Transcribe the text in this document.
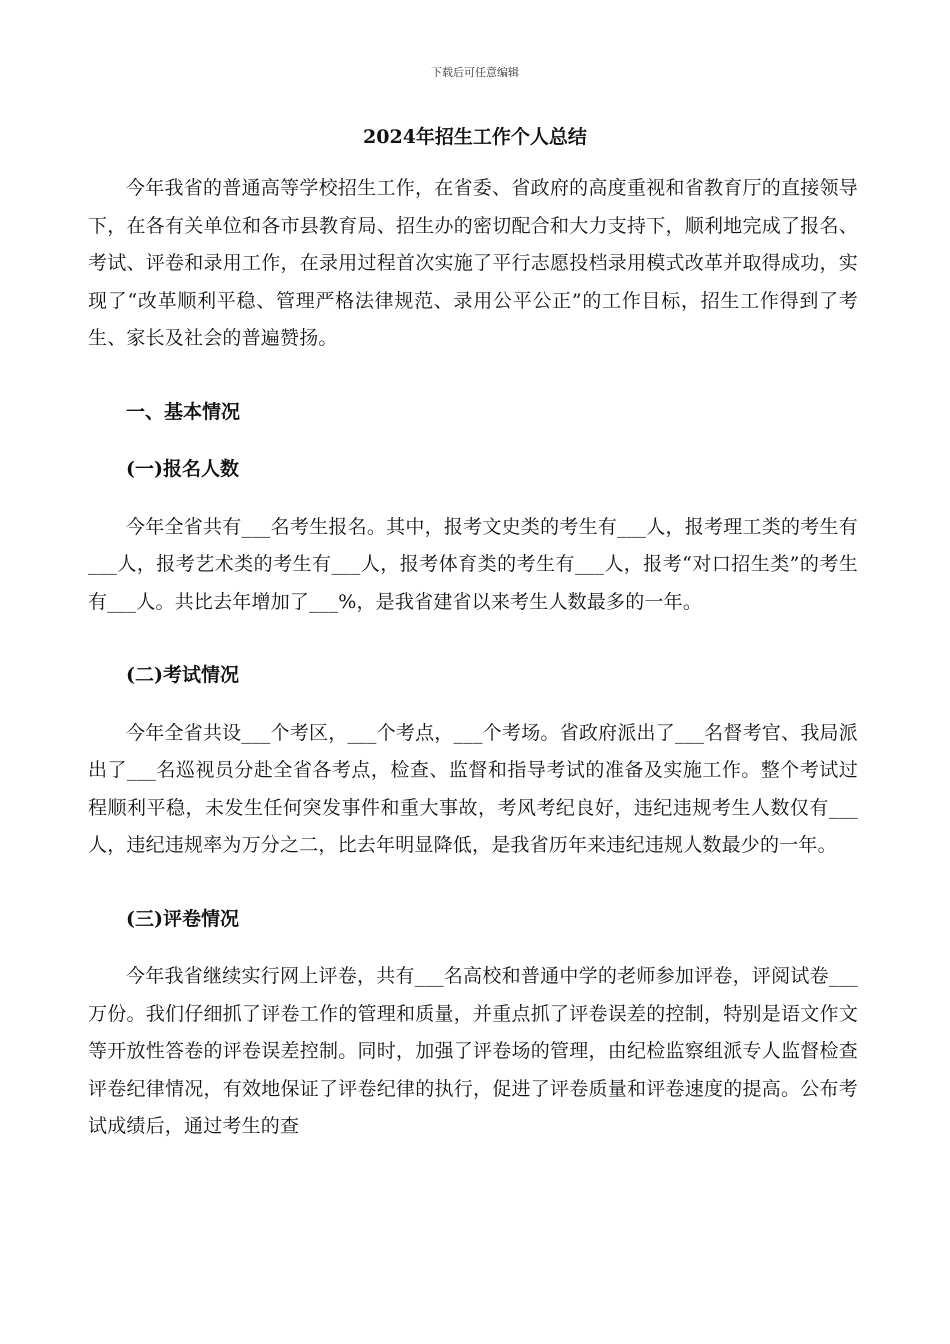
下载后可任意编辑
2024年招生工作个人总结

今年我省的普通高等学校招生工作，在省委、省政府的高度重视和省教育厅的直接领导下，在各有关单位和各市县教育局、招生办的密切配合和大力支持下，顺利地完成了报名、考试、评卷和录用工作，在录用过程首次实施了平行志愿投档录用模式改革并取得成功，实现了“改革顺利平稳、管理严格法律规范、录用公平公正”的工作目标，招生工作得到了考生、家长及社会的普遍赞扬。

一、基本情况
(一)报名人数

今年全省共有___名考生报名。其中，报考文史类的考生有___人，报考理工类的考生有___人，报考艺术类的考生有___人，报考体育类的考生有___人，报考“对口招生类”的考生有___人。共比去年增加了___%，是我省建省以来考生人数最多的一年。

(二)考试情况

今年全省共设___个考区，___个考点，___个考场。省政府派出了___名督考官、我局派出了___名巡视员分赴全省各考点，检查、监督和指导考试的准备及实施工作。整个考试过程顺利平稳，未发生任何突发事件和重大事故，考风考纪良好，违纪违规考生人数仅有___人，违纪违规率为万分之二，比去年明显降低，是我省历年来违纪违规人数最少的一年。

(三)评卷情况

今年我省继续实行网上评卷，共有___名高校和普通中学的老师参加评卷，评阅试卷___万份。我们仔细抓了评卷工作的管理和质量，并重点抓了评卷误差的控制，特别是语文作文等开放性答卷的评卷误差控制。同时，加强了评卷场的管理，由纪检监察组派专人监督检查评卷纪律情况，有效地保证了评卷纪律的执行，促进了评卷质量和评卷速度的提高。公布考试成绩后，通过考生的查
